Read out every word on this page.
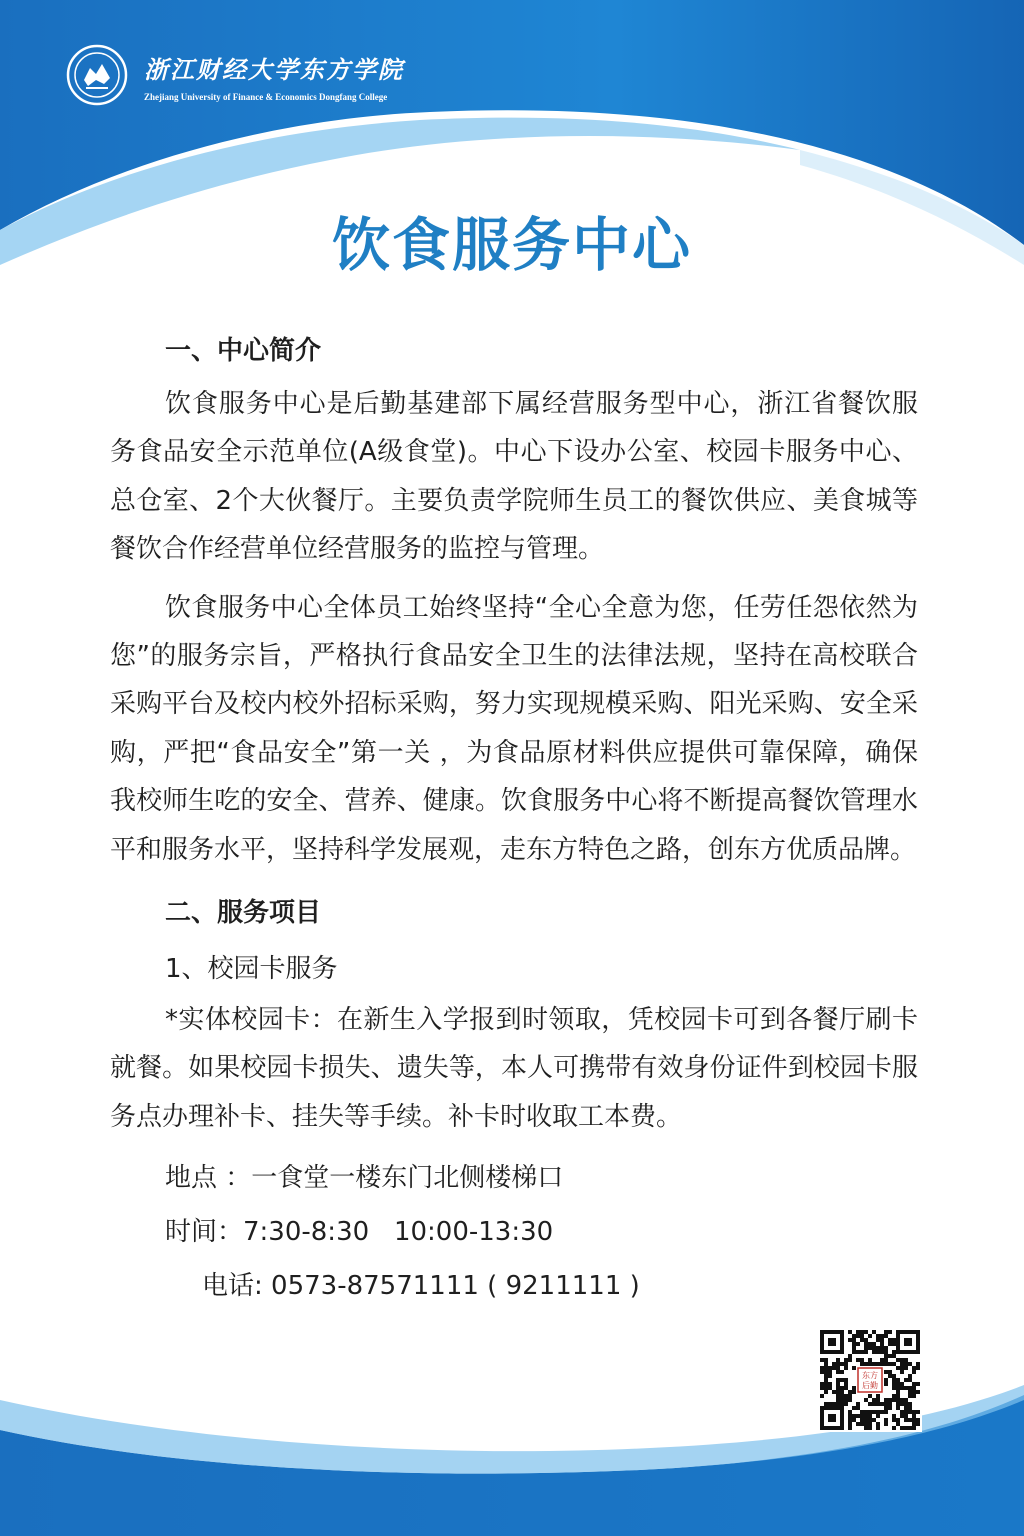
浙江财经大学东方学院
Zhejiang University of Finance & Economics Dongfang College
饮食服务中心
一、中心简介
饮食服务中心是后勤基建部下属经营服务型中心，浙江省餐饮服务食品安全示范单位(A级食堂)。中心下设办公室、校园卡服务中心、总仓室、2个大伙餐厅。主要负责学院师生员工的餐饮供应、美食城等餐饮合作经营单位经营服务的监控与管理。
饮食服务中心全体员工始终坚持“全心全意为您，任劳任怨依然为您”的服务宗旨，严格执行食品安全卫生的法律法规，坚持在高校联合采购平台及校内校外招标采购，努力实现规模采购、阳光采购、安全采购，严把“食品安全”第一关 ，为食品原材料供应提供可靠保障，确保我校师生吃的安全、营养、健康。饮食服务中心将不断提高餐饮管理水平和服务水平，坚持科学发展观，走东方特色之路，创东方优质品牌。
二、服务项目
1、校园卡服务
*实体校园卡：在新生入学报到时领取，凭校园卡可到各餐厅刷卡就餐。如果校园卡损失、遗失等，本人可携带有效身份证件到校园卡服务点办理补卡、挂失等手续。补卡时收取工本费。
地点 ：一食堂一楼东门北侧楼梯口
时间：7:30-8:30   10:00-13:30
电话: 0573-87571111 ( 9211111 )
东方
后勤
